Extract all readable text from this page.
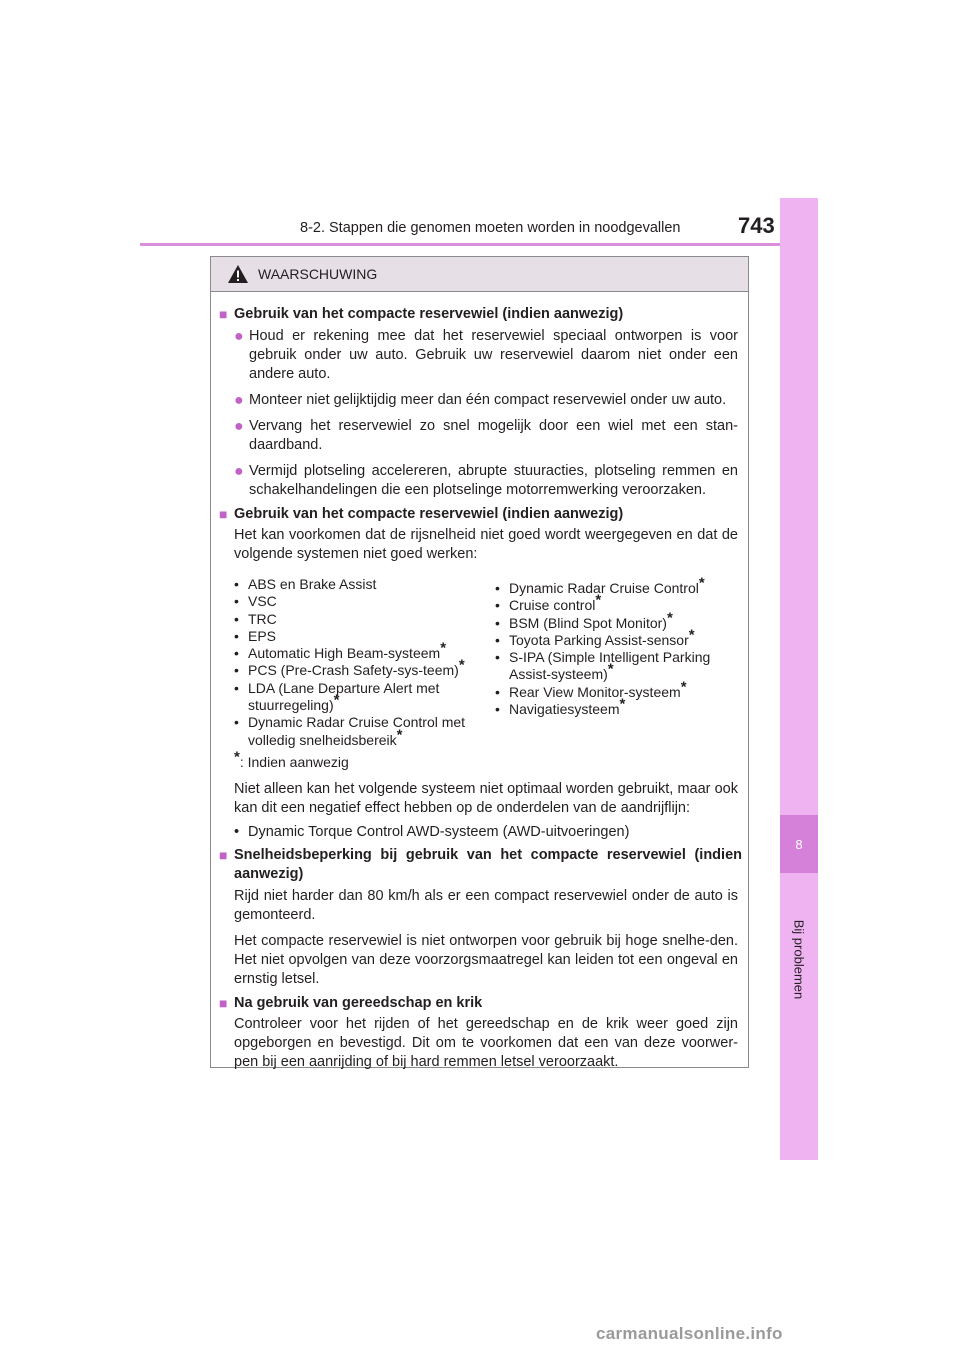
8-2. Stappen die genomen moeten worden in noodgevallen	743
8
Bij problemen
WAARSCHUWING
■ Gebruik van het compacte reservewiel (indien aanwezig)
● Houd er rekening mee dat het reservewiel speciaal ontworpen is voor gebruik onder uw auto. Gebruik uw reservewiel daarom niet onder een andere auto.
● Monteer niet gelijktijdig meer dan één compact reservewiel onder uw auto.
● Vervang het reservewiel zo snel mogelijk door een wiel met een stan-daardband.
● Vermijd plotseling accelereren, abrupte stuuracties, plotseling remmen en schakelhandelingen die een plotselinge motorremwerking veroorzaken.
■ Gebruik van het compacte reservewiel (indien aanwezig)

Het kan voorkomen dat de rijsnelheid niet goed wordt weergegeven en dat de volgende systemen niet goed werken:

• ABS en Brake Assist
• VSC
• TRC
• EPS
• Automatic High Beam-systeem*
• PCS (Pre-Crash Safety-sys-teem)*
• LDA (Lane Departure Alert met stuurregeling)*
• Dynamic Radar Cruise Control met volledig snelheidsbereik*
• Dynamic Radar Cruise Control*
• Cruise control*
• BSM (Blind Spot Monitor)*
• Toyota Parking Assist-sensor*
• S-IPA (Simple Intelligent Parking Assist-systeem)*
• Rear View Monitor-systeem*
• Navigatiesysteem*
*: Indien aanwezig

Niet alleen kan het volgende systeem niet optimaal worden gebruikt, maar ook kan dit een negatief effect hebben op de onderdelen van de aandrijflijn:

• Dynamic Torque Control AWD-systeem (AWD-uitvoeringen)
■ Snelheidsbeperking bij gebruik van het compacte reservewiel (indien aanwezig)

Rijd niet harder dan 80 km/h als er een compact reservewiel onder de auto is gemonteerd.

Het compacte reservewiel is niet ontworpen voor gebruik bij hoge snelhe-den. Het niet opvolgen van deze voorzorgsmaatregel kan leiden tot een ongeval en ernstig letsel.

■ Na gebruik van gereedschap en krik

Controleer voor het rijden of het gereedschap en de krik weer goed zijn opgeborgen en bevestigd. Dit om te voorkomen dat een van deze voorwer-pen bij een aanrijding of bij hard remmen letsel veroorzaakt.

carmanualsonline.info
